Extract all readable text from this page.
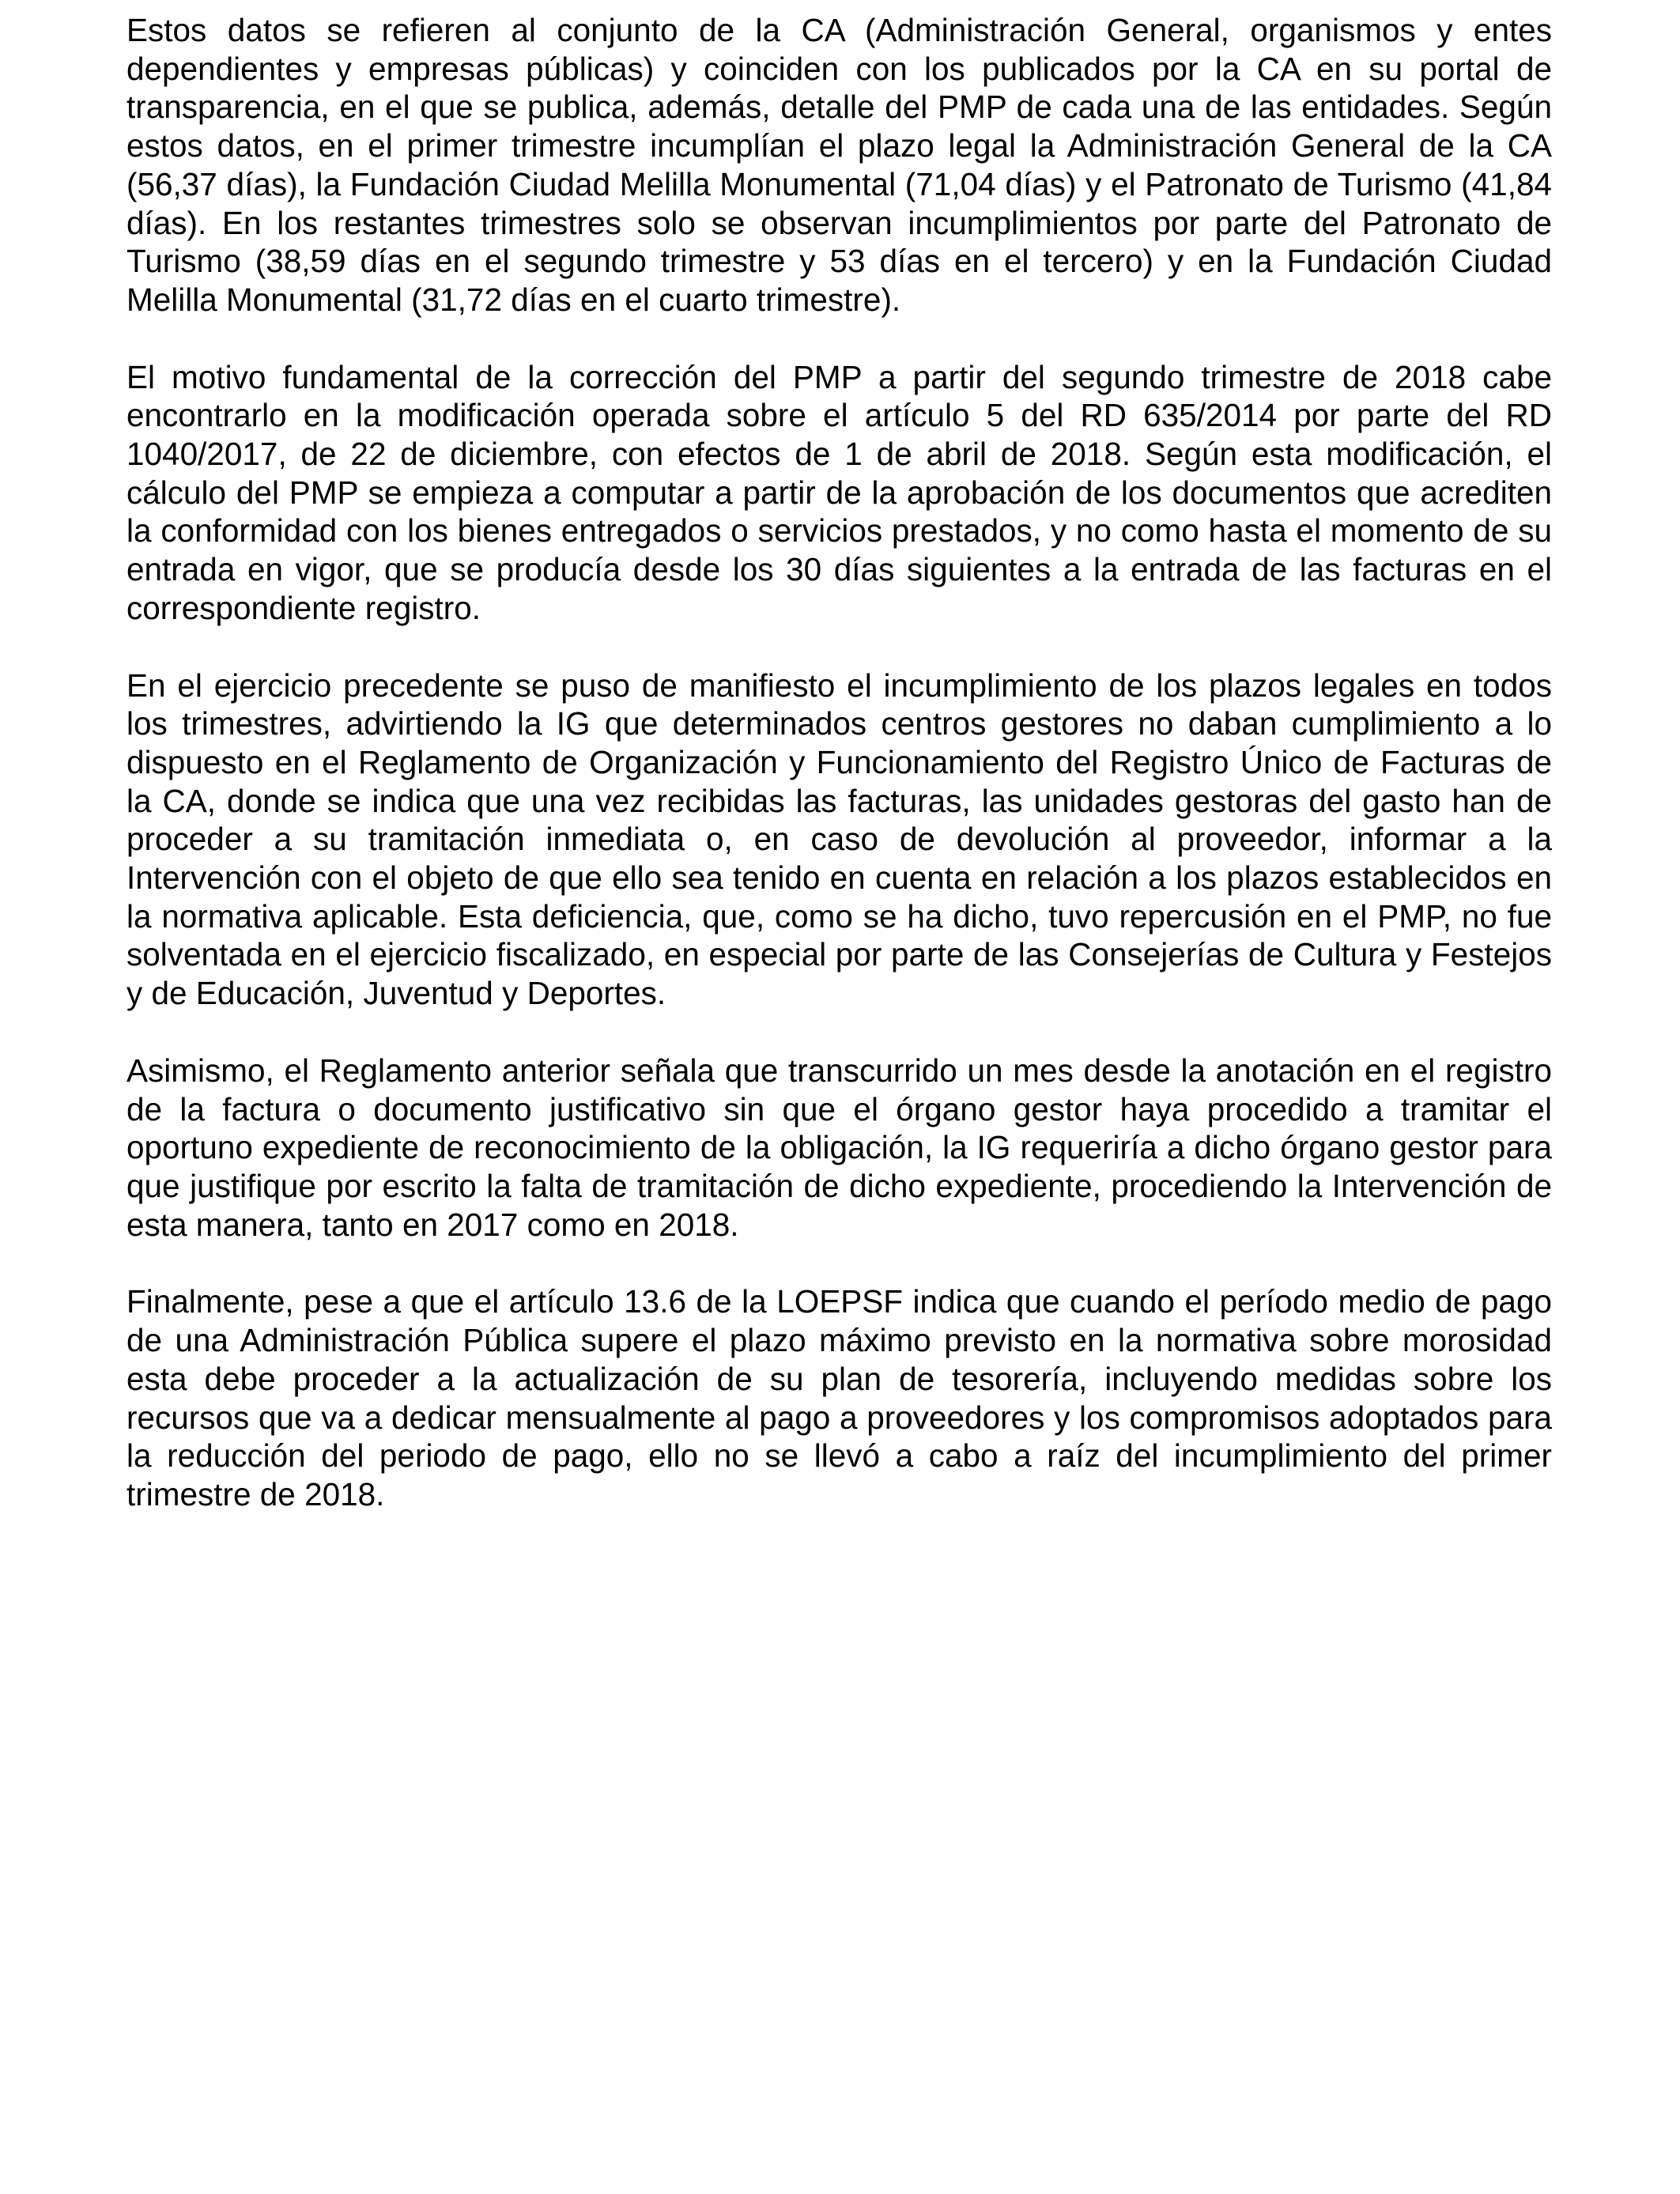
Estos datos se refieren al conjunto de la CA (Administración General, organismos y entes dependientes y empresas públicas) y coinciden con los publicados por la CA en su portal de transparencia, en el que se publica, además, detalle del PMP de cada una de las entidades. Según estos datos, en el primer trimestre incumplían el plazo legal la Administración General de la CA (56,37 días), la Fundación Ciudad Melilla Monumental (71,04 días) y el Patronato de Turismo (41,84 días). En los restantes trimestres solo se observan incumplimientos por parte del Patronato de Turismo (38,59 días en el segundo trimestre y 53 días en el tercero) y en la Fundación Ciudad Melilla Monumental (31,72 días en el cuarto trimestre).

El motivo fundamental de la corrección del PMP a partir del segundo trimestre de 2018 cabe encontrarlo en la modificación operada sobre el artículo 5 del RD 635/2014 por parte del RD 1040/2017, de 22 de diciembre, con efectos de 1 de abril de 2018. Según esta modificación, el cálculo del PMP se empieza a computar a partir de la aprobación de los documentos que acrediten la conformidad con los bienes entregados o servicios prestados, y no como hasta el momento de su entrada en vigor, que se producía desde los 30 días siguientes a la entrada de las facturas en el correspondiente registro.

En el ejercicio precedente se puso de manifiesto el incumplimiento de los plazos legales en todos los trimestres, advirtiendo la IG que determinados centros gestores no daban cumplimiento a lo dispuesto en el Reglamento de Organización y Funcionamiento del Registro Único de Facturas de la CA, donde se indica que una vez recibidas las facturas, las unidades gestoras del gasto han de proceder a su tramitación inmediata o, en caso de devolución al proveedor, informar a la Intervención con el objeto de que ello sea tenido en cuenta en relación a los plazos establecidos en la normativa aplicable. Esta deficiencia, que, como se ha dicho, tuvo repercusión en el PMP, no fue solventada en el ejercicio fiscalizado, en especial por parte de las Consejerías de Cultura y Festejos y de Educación, Juventud y Deportes.

Asimismo, el Reglamento anterior señala que transcurrido un mes desde la anotación en el registro de la factura o documento justificativo sin que el órgano gestor haya procedido a tramitar el oportuno expediente de reconocimiento de la obligación, la IG requeriría a dicho órgano gestor para que justifique por escrito la falta de tramitación de dicho expediente, procediendo la Intervención de esta manera, tanto en 2017 como en 2018.

Finalmente, pese a que el artículo 13.6 de la LOEPSF indica que cuando el período medio de pago de una Administración Pública supere el plazo máximo previsto en la normativa sobre morosidad esta debe proceder a la actualización de su plan de tesorería, incluyendo medidas sobre los recursos que va a dedicar mensualmente al pago a proveedores y los compromisos adoptados para la reducción del periodo de pago, ello no se llevó a cabo a raíz del incumplimiento del primer trimestre de 2018.
